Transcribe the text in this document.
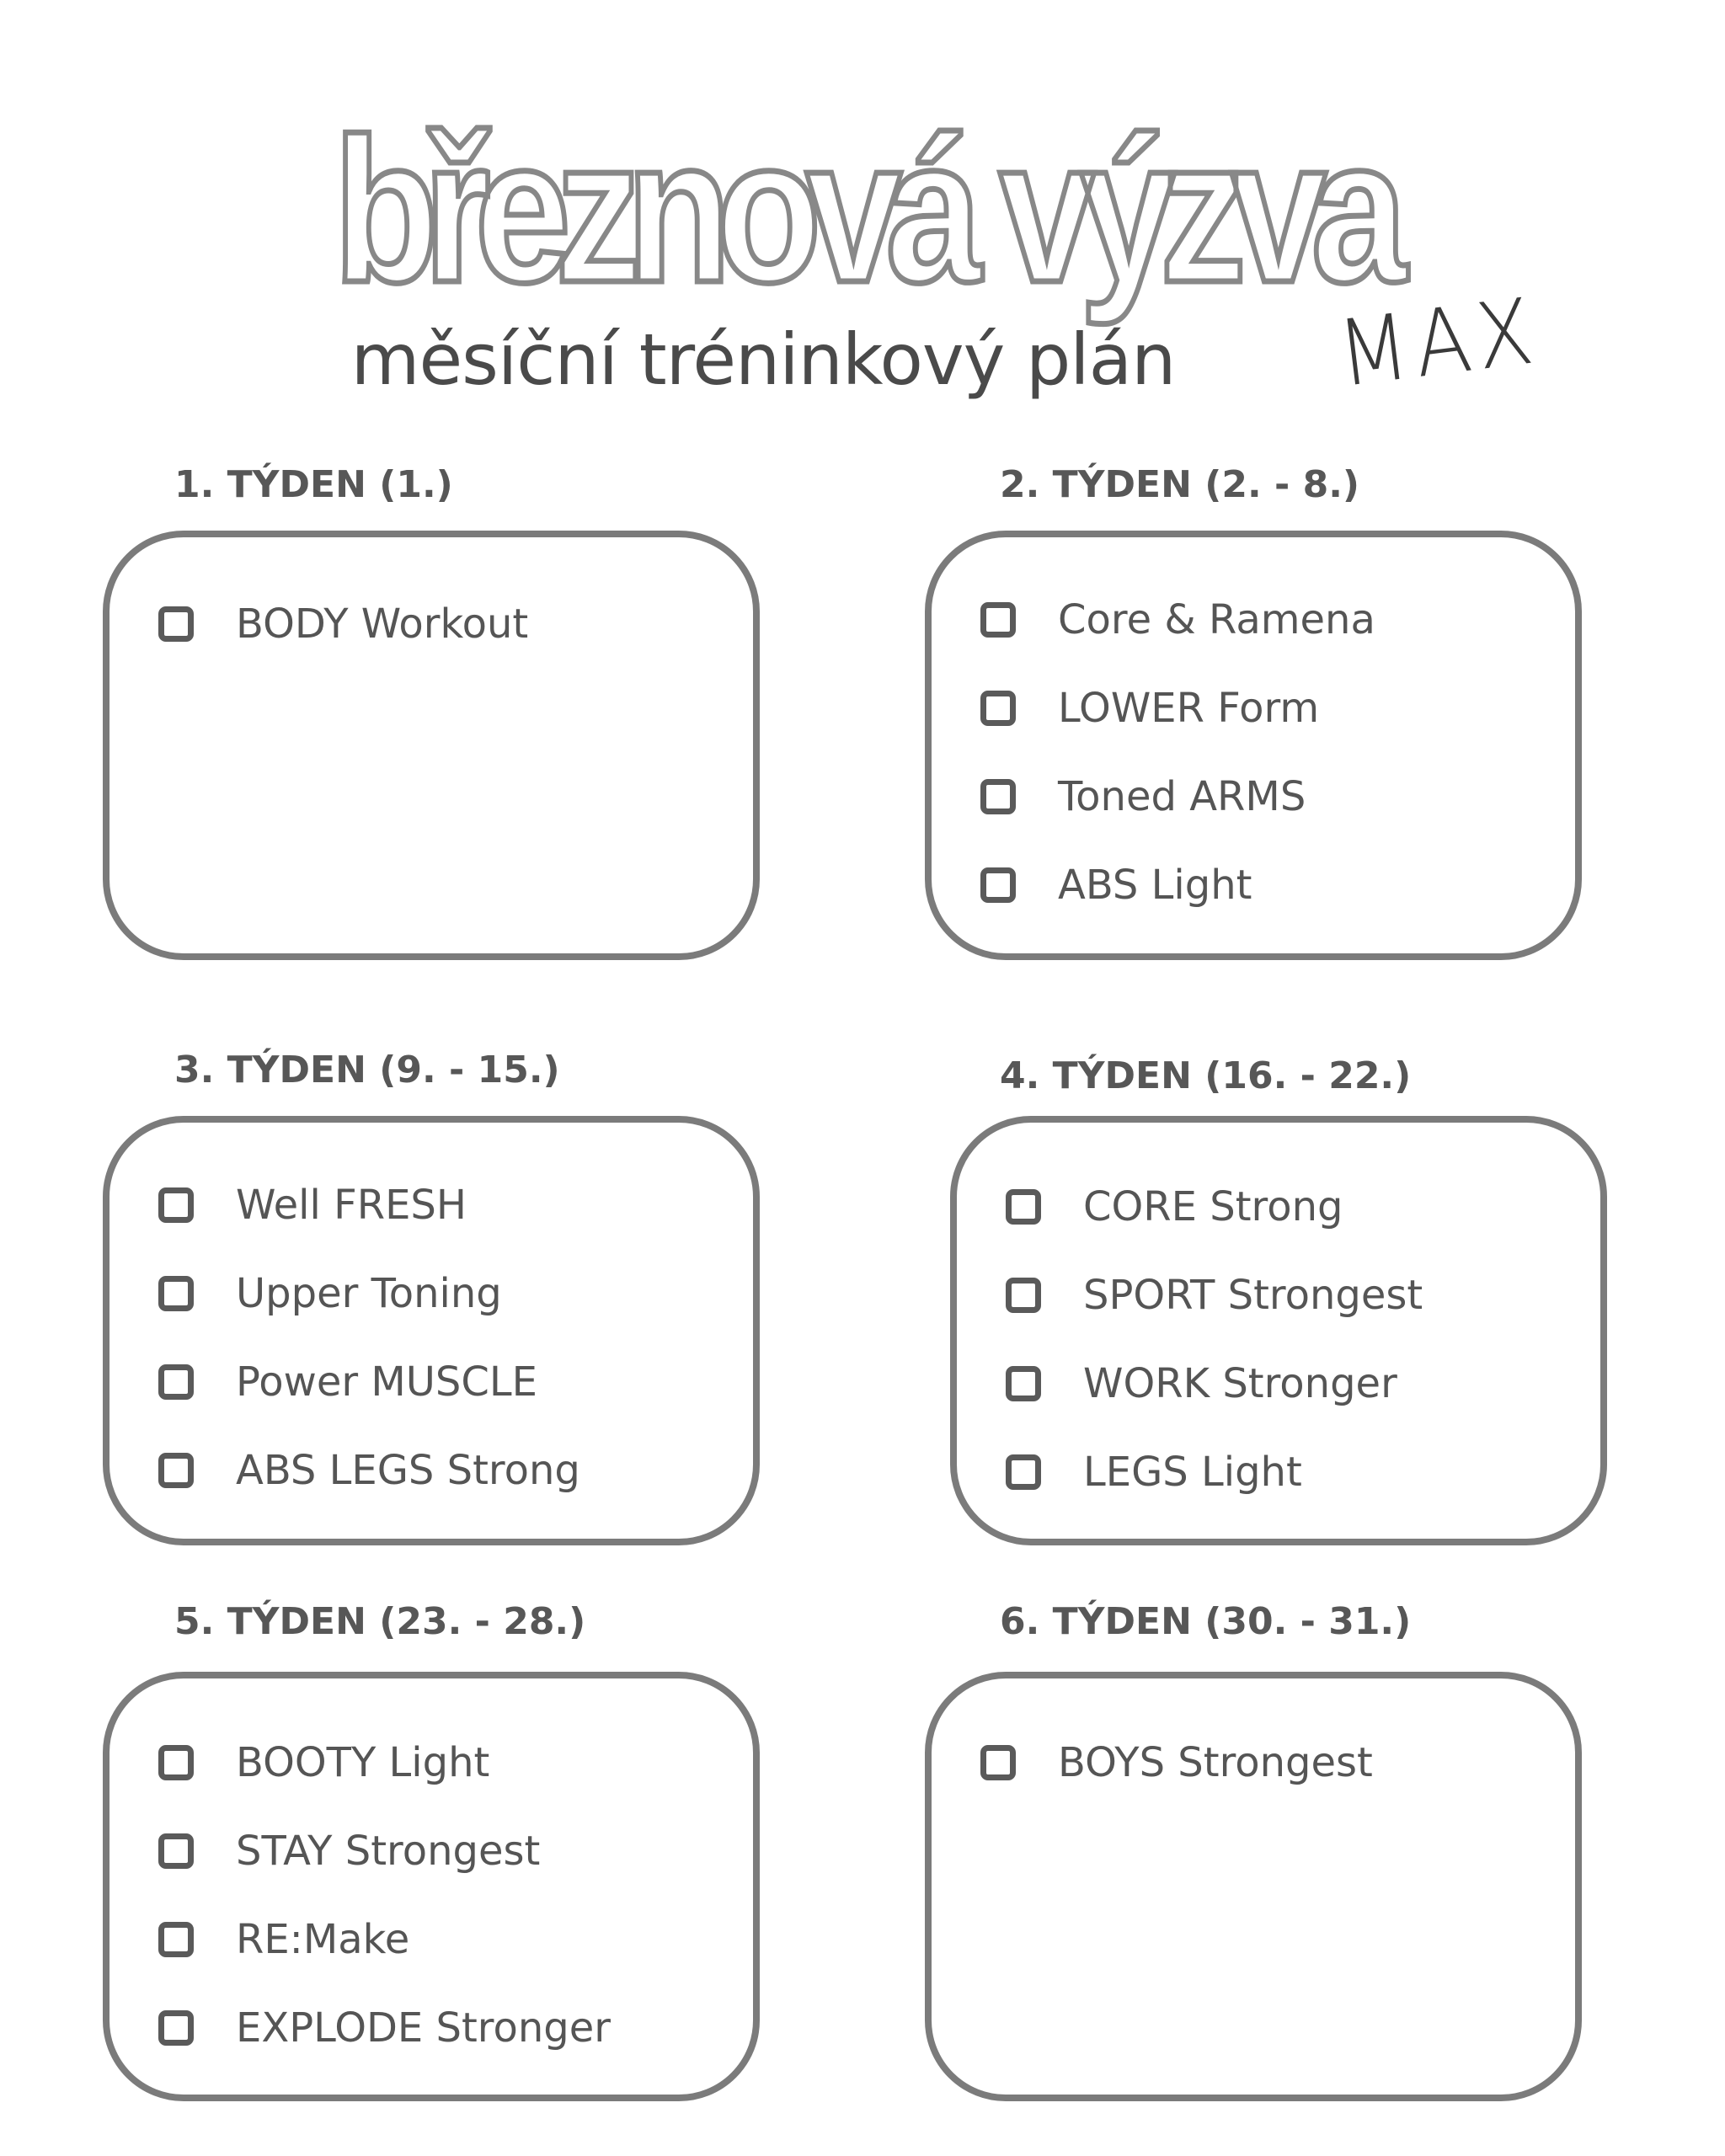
březnová výzva
měsíční tréninkový plán	MAX
1. TÝDEN (1.)
BODY Workout
2. TÝDEN (2. - 8.)
Core & Ramena
LOWER Form
Toned ARMS
ABS Light
3. TÝDEN (9. - 15.)
Well FRESH
Upper Toning
Power MUSCLE
ABS LEGS Strong
4. TÝDEN (16. - 22.)
CORE Strong
SPORT Strongest
WORK Stronger
LEGS Light
5. TÝDEN (23. - 28.)
BOOTY Light
STAY Strongest
RE:Make
EXPLODE Stronger
6. TÝDEN (30. - 31.)
BOYS Strongest
